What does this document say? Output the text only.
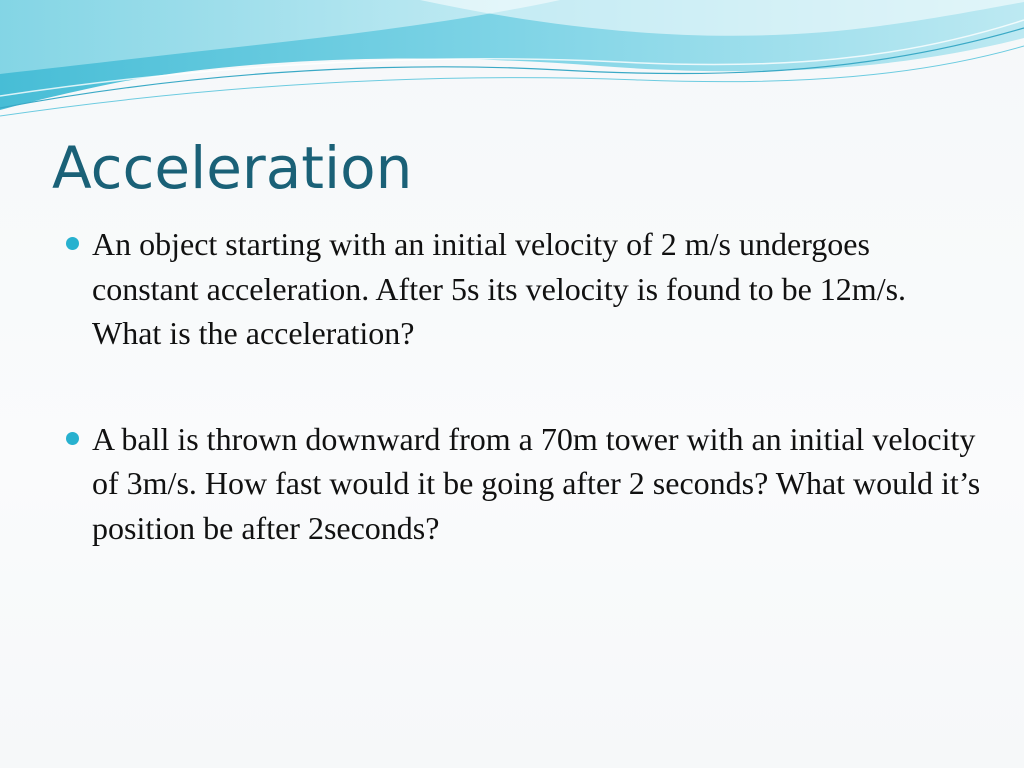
Acceleration
An object starting with an initial velocity of 2 m/s undergoes constant acceleration. After 5s its velocity is found to be 12m/s. What is the acceleration?
A ball is thrown downward from a 70m tower with an initial velocity of 3m/s. How fast would it be going after 2 seconds? What would it’s position be after 2seconds?
